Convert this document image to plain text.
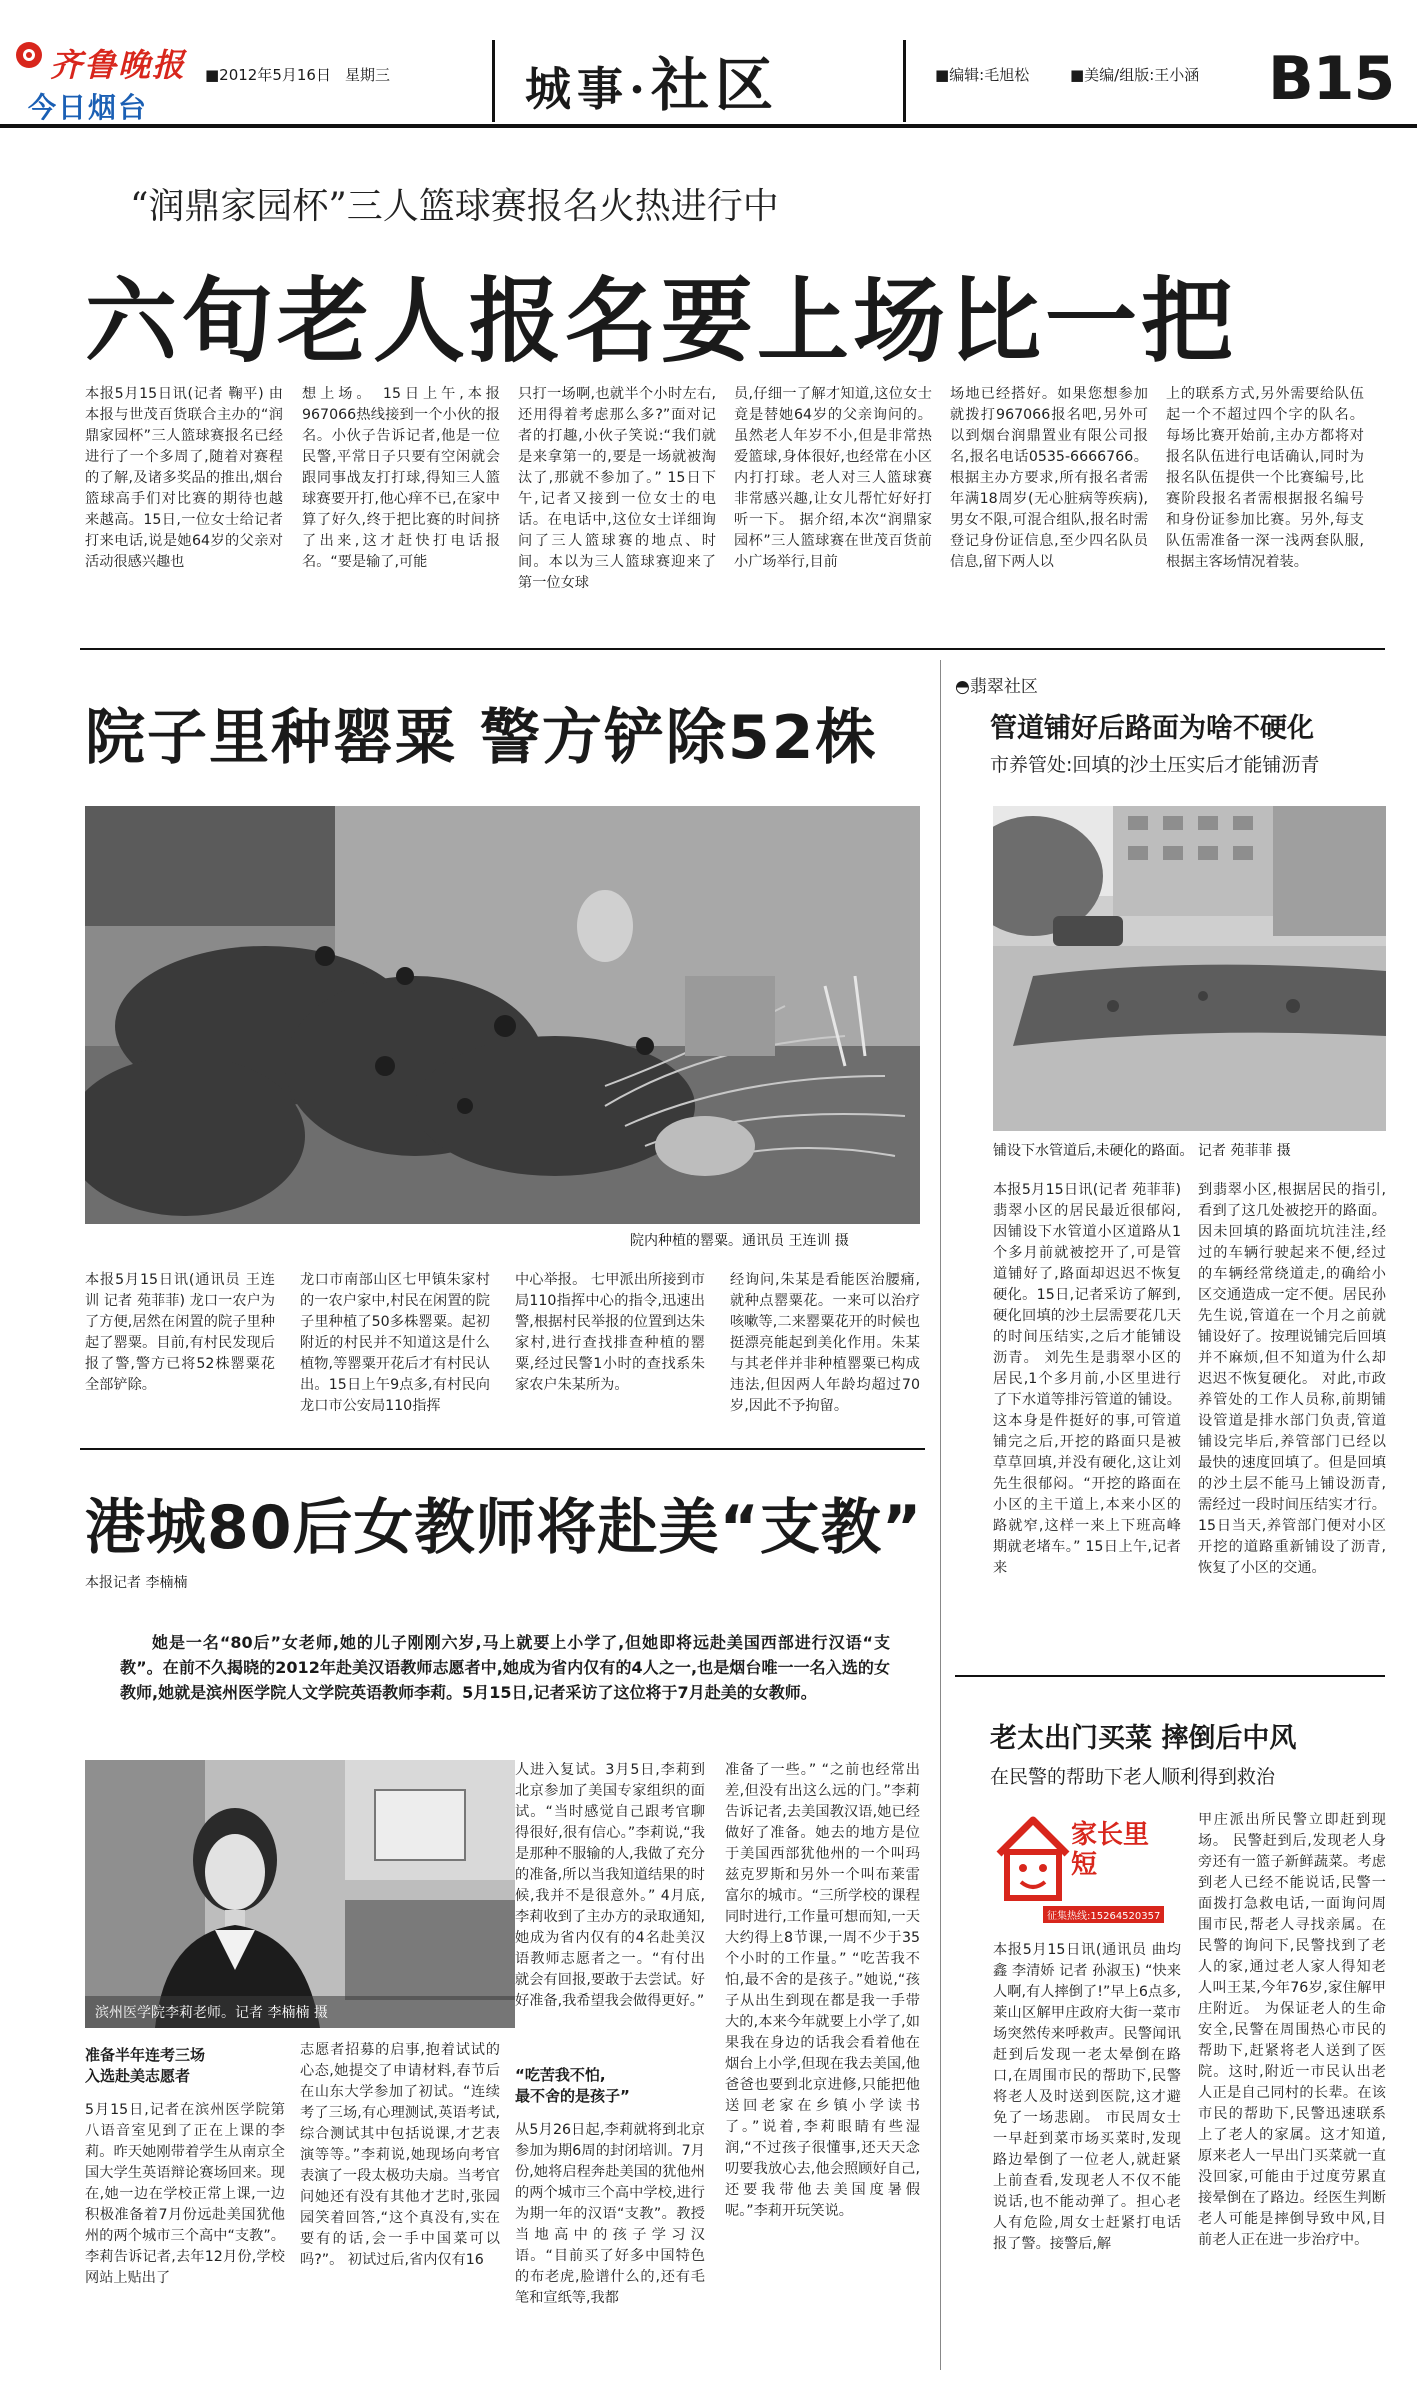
齐鲁晚报
今日烟台
■2012年5月16日 星期三	城事·社区	■编辑:毛旭松	■美编/组版:王小涵 B15
“润鼎家园杯”三人篮球赛报名火热进行中
六旬老人报名要上场比一把
本报5月15日讯(记者 鞠平) 由本报与世茂百货联合主办的“润鼎家园杯”三人篮球赛报名已经进行了一个多周了,随着对赛程的了解,及诸多奖品的推出,烟台篮球高手们对比赛的期待也越来越高。15日,一位女士给记者打来电话,说是她64岁的父亲对活动很感兴趣也
想上场。 15日上午,本报967066热线接到一个小伙的报名。小伙子告诉记者,他是一位民警,平常日子只要有空闲就会跟同事战友打打球,得知三人篮球赛要开打,他心痒不已,在家中算了好久,终于把比赛的时间挤了出来,这才赶快打电话报名。“要是输了,可能
只打一场啊,也就半个小时左右,还用得着考虑那么多?”面对记者的打趣,小伙子笑说:“我们就是来拿第一的,要是一场就被淘汰了,那就不参加了。” 15日下午,记者又接到一位女士的电话。在电话中,这位女士详细询问了三人篮球赛的地点、时间。本以为三人篮球赛迎来了第一位女球
员,仔细一了解才知道,这位女士竟是替她64岁的父亲询问的。虽然老人年岁不小,但是非常热爱篮球,身体很好,也经常在小区内打打球。老人对三人篮球赛非常感兴趣,让女儿帮忙好好打听一下。 据介绍,本次“润鼎家园杯”三人篮球赛在世茂百货前小广场举行,目前
场地已经搭好。如果您想参加就拨打967066报名吧,另外可以到烟台润鼎置业有限公司报名,报名电话0535-6666766。 根据主办方要求,所有报名者需年满18周岁(无心脏病等疾病),男女不限,可混合组队,报名时需登记身份证信息,至少四名队员信息,留下两人以
上的联系方式,另外需要给队伍起一个不超过四个字的队名。每场比赛开始前,主办方都将对报名队伍进行电话确认,同时为报名队伍提供一个比赛编号,比赛阶段报名者需根据报名编号和身份证参加比赛。另外,每支队伍需准备一深一浅两套队服,根据主客场情况着装。
院子里种罂粟 警方铲除52株
院内种植的罂粟。通讯员 王连训 摄
本报5月15日讯(通讯员 王连训 记者 苑菲菲) 龙口一农户为了方便,居然在闲置的院子里种起了罂粟。目前,有村民发现后报了警,警方已将52株罂粟花全部铲除。
龙口市南部山区七甲镇朱家村的一农户家中,村民在闲置的院子里种植了50多株罂粟。起初附近的村民并不知道这是什么植物,等罂粟开花后才有村民认出。15日上午9点多,有村民向龙口市公安局110指挥
中心举报。 七甲派出所接到市局110指挥中心的指令,迅速出警,根据村民举报的位置到达朱家村,进行查找排查种植的罂粟,经过民警1小时的查找系朱家农户朱某所为。
经询问,朱某是看能医治腰痛,就种点罂粟花。一来可以治疗咳嗽等,二来罂粟花开的时候也挺漂亮能起到美化作用。朱某与其老伴并非种植罂粟已构成违法,但因两人年龄均超过70岁,因此不予拘留。
港城80后女教师将赴美“支教”
本报记者 李楠楠
她是一名“80后”女老师,她的儿子刚刚六岁,马上就要上小学了,但她即将远赴美国西部进行汉语“支教”。在前不久揭晓的2012年赴美汉语教师志愿者中,她成为省内仅有的4人之一,也是烟台唯一一名入选的女教师,她就是滨州医学院人文学院英语教师李莉。5月15日,记者采访了这位将于7月赴美的女教师。
滨州医学院李莉老师。记者 李楠楠 摄
准备半年连考三场
入选赴美志愿者
5月15日,记者在滨州医学院第八语音室见到了正在上课的李莉。昨天她刚带着学生从南京全国大学生英语辩论赛场回来。现在,她一边在学校正常上课,一边积极准备着7月份远赴美国犹他州的两个城市三个高中“支教”。 李莉告诉记者,去年12月份,学校网站上贴出了
志愿者招募的启事,抱着试试的心态,她提交了申请材料,春节后在山东大学参加了初试。“连续考了三场,有心理测试,英语考试,综合测试其中包括说课,才艺表演等等。”李莉说,她现场向考官表演了一段太极功夫扇。当考官问她还有没有其他才艺时,张园园笑着回答,“这个真没有,实在要有的话,会一手中国菜可以吗?”。 初试过后,省内仅有16
人进入复试。3月5日,李莉到北京参加了美国专家组织的面试。“当时感觉自己跟考官聊得很好,很有信心。”李莉说,“我是那种不服输的人,我做了充分的准备,所以当我知道结果的时候,我并不是很意外。” 4月底,李莉收到了主办方的录取通知,她成为省内仅有的4名赴美汉语教师志愿者之一。“有付出就会有回报,要敢于去尝试。好好准备,我希望我会做得更好。”
“吃苦我不怕,
最不舍的是孩子”
从5月26日起,李莉就将到北京参加为期6周的封闭培训。7月份,她将启程奔赴美国的犹他州的两个城市三个高中学校,进行为期一年的汉语“支教”。教授当地高中的孩子学习汉语。“目前买了好多中国特色的布老虎,脸谱什么的,还有毛笔和宣纸等,我都
准备了一些。” “之前也经常出差,但没有出这么远的门。”李莉告诉记者,去美国教汉语,她已经做好了准备。她去的地方是位于美国西部犹他州的一个叫玛兹克罗斯和另外一个叫布莱雷富尔的城市。“三所学校的课程同时进行,工作量可想而知,一天大约得上8节课,一周不少于35个小时的工作量。” “吃苦我不怕,最不舍的是孩子。”她说,“孩子从出生到现在都是我一手带大的,本来今年就要上小学了,如果我在身边的话我会看着他在烟台上小学,但现在我去美国,他爸爸也要到北京进修,只能把他送回老家在乡镇小学读书了。”说着,李莉眼睛有些湿润,“不过孩子很懂事,还天天念叨要我放心去,他会照顾好自己,还要我带他去美国度暑假呢。”李莉开玩笑说。
◓翡翠社区
管道铺好后路面为啥不硬化
市养管处:回填的沙土压实后才能铺沥青
铺设下水管道后,未硬化的路面。 记者 苑菲菲 摄
本报5月15日讯(记者 苑菲菲) 翡翠小区的居民最近很郁闷,因铺设下水管道小区道路从1个多月前就被挖开了,可是管道铺好了,路面却迟迟不恢复硬化。15日,记者采访了解到,硬化回填的沙土层需要花几天的时间压结实,之后才能铺设沥青。 刘先生是翡翠小区的居民,1个多月前,小区里进行了下水道等排污管道的铺设。这本身是件挺好的事,可管道铺完之后,开挖的路面只是被草草回填,并没有硬化,这让刘先生很郁闷。“开挖的路面在小区的主干道上,本来小区的路就窄,这样一来上下班高峰期就老堵车。” 15日上午,记者来
到翡翠小区,根据居民的指引,看到了这几处被挖开的路面。因未回填的路面坑坑洼洼,经过的车辆行驶起来不便,经过的车辆经常绕道走,的确给小区交通造成一定不便。居民孙先生说,管道在一个月之前就铺设好了。按理说铺完后回填并不麻烦,但不知道为什么却迟迟不恢复硬化。 对此,市政养管处的工作人员称,前期铺设管道是排水部门负责,管道铺设完毕后,养管部门已经以最快的速度回填了。但是回填的沙土层不能马上铺设沥青,需经过一段时间压结实才行。15日当天,养管部门便对小区开挖的道路重新铺设了沥青,恢复了小区的交通。
老太出门买菜 摔倒后中风
在民警的帮助下老人顺利得到救治
家长里短
征集热线:15264520357
本报5月15日讯(通讯员 曲均鑫 李清娇 记者 孙淑玉) “快来人啊,有人摔倒了!”早上6点多,莱山区解甲庄政府大街一菜市场突然传来呼救声。民警闻讯赶到后发现一老太晕倒在路口,在周围市民的帮助下,民警将老人及时送到医院,这才避免了一场悲剧。 市民周女士一早赶到菜市场买菜时,发现路边晕倒了一位老人,就赶紧上前查看,发现老人不仅不能说话,也不能动弹了。担心老人有危险,周女士赶紧打电话报了警。接警后,解
甲庄派出所民警立即赶到现场。 民警赶到后,发现老人身旁还有一篮子新鲜蔬菜。考虑到老人已经不能说话,民警一面拨打急救电话,一面询问周围市民,帮老人寻找亲属。在民警的询问下,民警找到了老人的家,通过老人家人得知老人叫王某,今年76岁,家住解甲庄附近。 为保证老人的生命安全,民警在周围热心市民的帮助下,赶紧将老人送到了医院。这时,附近一市民认出老人正是自己同村的长辈。在该市民的帮助下,民警迅速联系上了老人的家属。这才知道,原来老人一早出门买菜就一直没回家,可能由于过度劳累直接晕倒在了路边。经医生判断老人可能是摔倒导致中风,目前老人正在进一步治疗中。
